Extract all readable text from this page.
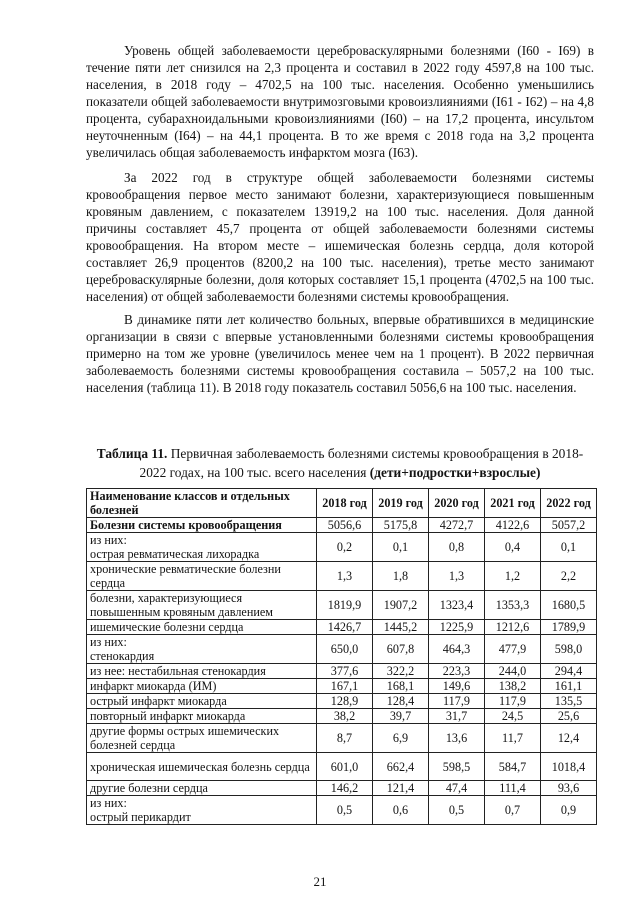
Уровень общей заболеваемости цереброваскулярными болезнями (I60 - I69) в течение пяти лет снизился на 2,3 процента и составил в 2022 году 4597,8 на 100 тыс. населения, в 2018 году – 4702,5 на 100 тыс. населения. Особенно уменьшились показатели общей заболеваемости внутримозговыми кровоизлияниями (I61 - I62) – на 4,8 процента, субарахноидальными кровоизлияниями (I60) – на 17,2 процента, инсультом неуточненным (I64) – на 44,1 процента. В то же время с 2018 года на 3,2 процента увеличилась общая заболеваемость инфарктом мозга (I63).

За 2022 год в структуре общей заболеваемости болезнями системы кровообращения первое место занимают болезни, характеризующиеся повышенным кровяным давлением, с показателем 13919,2 на 100 тыс. населения. Доля данной причины составляет 45,7 процента от общей заболеваемости болезнями системы кровообращения. На втором месте – ишемическая болезнь сердца, доля которой составляет 26,9 процентов (8200,2 на 100 тыс. населения), третье место занимают цереброваскулярные болезни, доля которых составляет 15,1 процента (4702,5 на 100 тыс. населения) от общей заболеваемости болезнями системы кровообращения.

В динамике пяти лет количество больных, впервые обратившихся в медицинские организации в связи с впервые установленными болезнями системы кровообращения примерно на том же уровне (увеличилось менее чем на 1 процент). В 2022 первичная заболеваемость болезнями системы кровообращения составила – 5057,2 на 100 тыс. населения (таблица 11). В 2018 году показатель составил 5056,6 на 100 тыс. населения.

Таблица 11. Первичная заболеваемость болезнями системы кровообращения в 2018-2022 годах, на 100 тыс. всего населения (дети+подростки+взрослые)
Наименование классов и отдельных болезней	2018 год	2019 год	2020 год	2021 год	2022 год
Болезни системы кровообращения	5056,6	5175,8	4272,7	4122,6	5057,2
из них:
острая ревматическая лихорадка	0,2	0,1	0,8	0,4	0,1
хронические ревматические болезни сердца	1,3	1,8	1,3	1,2	2,2
болезни, характеризующиеся повышенным кровяным давлением	1819,9	1907,2	1323,4	1353,3	1680,5
ишемические болезни сердца	1426,7	1445,2	1225,9	1212,6	1789,9
из них:
стенокардия	650,0	607,8	464,3	477,9	598,0
из нее: нестабильная стенокардия	377,6	322,2	223,3	244,0	294,4
инфаркт миокарда (ИМ)	167,1	168,1	149,6	138,2	161,1
острый инфаркт миокарда	128,9	128,4	117,9	117,9	135,5
повторный инфаркт миокарда	38,2	39,7	31,7	24,5	25,6
другие формы острых ишемических болезней сердца	8,7	6,9	13,6	11,7	12,4
хроническая ишемическая болезнь сердца	601,0	662,4	598,5	584,7	1018,4
другие болезни сердца	146,2	121,4	47,4	111,4	93,6
из них:
острый перикардит	0,5	0,6	0,5	0,7	0,9
21
